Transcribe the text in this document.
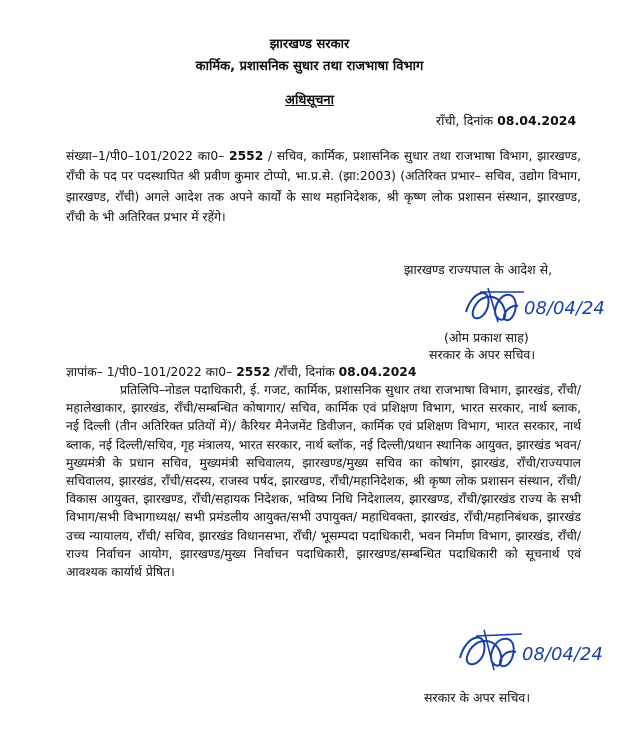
झारखण्ड सरकार
कार्मिक, प्रशासनिक सुधार तथा राजभाषा विभाग
अधिसूचना
राँची, दिनांक 08.04.2024
संख्या–1/पी0–101/2022 का0– 2552 / सचिव, कार्मिक, प्रशासनिक सुधार तथा राजभाषा विभाग, झारखण्ड, राँची के पद पर पदस्थापित श्री प्रवीण कुमार टोप्पो, भा.प्र.से. (झा:2003) (अतिरिक्त प्रभार– सचिव, उद्योग विभाग, झारखण्ड, राँची) अगले आदेश तक अपने कार्यों के साथ महानिदेशक, श्री कृष्ण लोक प्रशासन संस्थान, झारखण्ड, राँची के भी अतिरिक्त प्रभार में रहेंगे।
झारखण्ड राज्यपाल के आदेश से,
08/04/24
(ओम प्रकाश साह)
सरकार के अपर सचिव।
ज्ञापांक– 1/पी0–101/2022 का0– 2552 /राँची, दिनांक 08.04.2024
प्रतिलिपि–नोडल पदाधिकारी, ई. गजट, कार्मिक, प्रशासनिक सुधार तथा राजभाषा विभाग, झारखंड, राँची/महालेखाकार, झारखंड, राँची/सम्बन्धित कोषागार/ सचिव, कार्मिक एवं प्रशिक्षण विभाग, भारत सरकार, नार्थ ब्लाक, नई दिल्ली (तीन अतिरिक्त प्रतियों में)/ कैरियर मैनेजमेंट डिवीजन, कार्मिक एवं प्रशिक्षण विभाग, भारत सरकार, नार्थ ब्लाक, नई दिल्ली/सचिव, गृह मंत्रालय, भारत सरकार, नार्थ ब्लॉक, नई दिल्ली/प्रधान स्थानिक आयुक्त, झारखंड भवन/मुख्यमंत्री के प्रधान सचिव, मुख्यमंत्री सचिवालय, झारखण्ड/मुख्य सचिव का कोषांग, झारखंड, राँची/राज्यपाल सचिवालय, झारखंड, राँची/सदस्य, राजस्व पर्षद, झारखण्ड, राँची/महानिदेशक, श्री कृष्ण लोक प्रशासन संस्थान, राँची/ विकास आयुक्त, झारखण्ड, राँची/सहायक निदेशक, भविष्य निधि निदेशालय, झारखण्ड, राँची/झारखंड राज्य के सभी विभाग/सभी विभागाध्यक्ष/ सभी प्रमंडलीय आयुक्त/सभी उपायुक्त/ महाधिवक्ता, झारखंड, राँची/महानिबंधक, झारखंड उच्च न्यायालय, राँची/ सचिव, झारखंड विधानसभा, राँची/ भूसम्पदा पदाधिकारी, भवन निर्माण विभाग, झारखंड, राँची/राज्य निर्वाचन आयोग, झारखण्ड/मुख्य निर्वाचन पदाधिकारी, झारखण्ड/सम्बन्धित पदाधिकारी को सूचनार्थ एवं आवश्यक कार्यार्थ प्रेषित।
08/04/24
सरकार के अपर सचिव।
